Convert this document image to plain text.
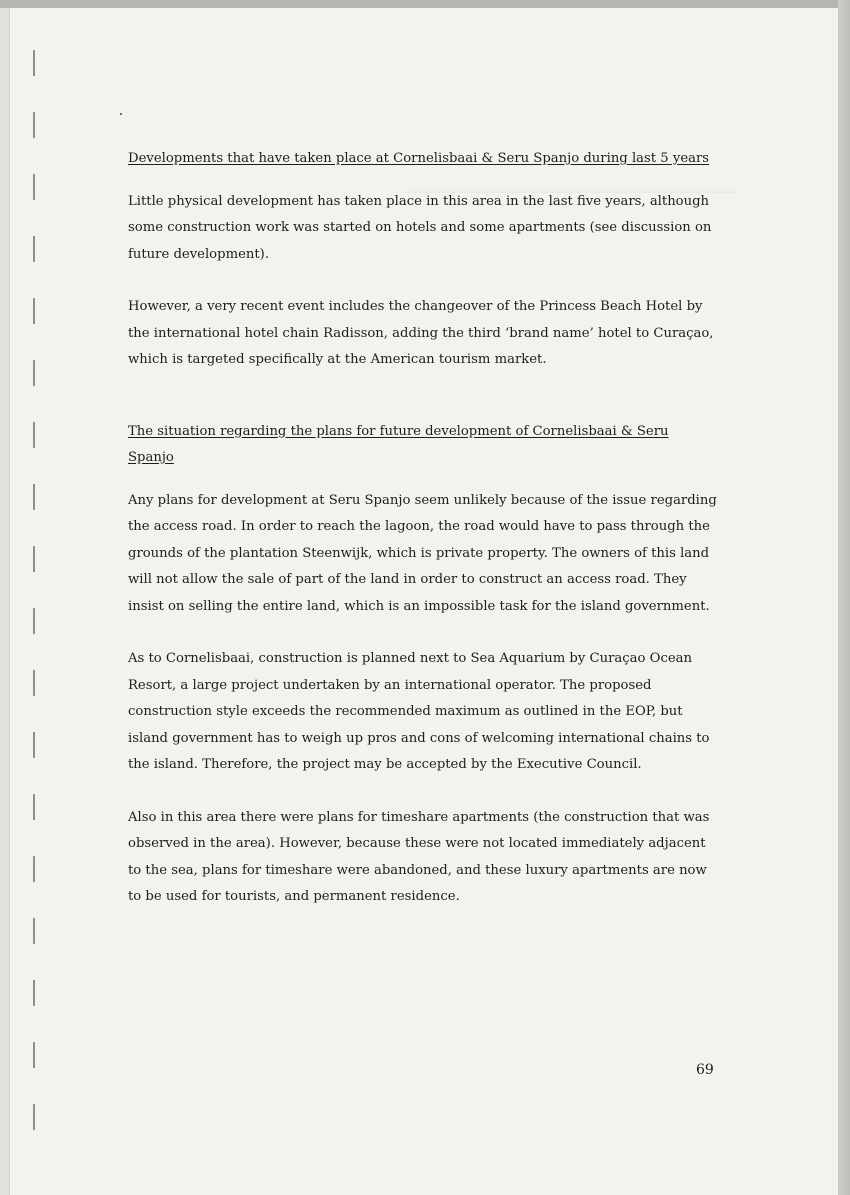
Developments that have taken place at Cornelisbaai & Seru Spanjo during last 5 years

Little physical development has taken place in this area in the last five years, although some construction work was started on hotels and some apartments (see discussion on future development).

However, a very recent event includes the changeover of the Princess Beach Hotel by the international hotel chain Radisson, adding the third ‘brand name’ hotel to Curaçao, which is targeted specifically at the American tourism market.

The situation regarding the plans for future development of Cornelisbaai & Seru Spanjo

Any plans for development at Seru Spanjo seem unlikely because of the issue regarding the access road. In order to reach the lagoon, the road would have to pass through the grounds of the plantation Steenwijk, which is private property. The owners of this land will not allow the sale of part of the land in order to construct an access road. They insist on selling the entire land, which is an impossible task for the island government.

As to Cornelisbaai, construction is planned next to Sea Aquarium by Curaçao Ocean Resort, a large project undertaken by an international operator. The proposed construction style exceeds the recommended maximum as outlined in the EOP, but island government has to weigh up pros and cons of welcoming international chains to the island. Therefore, the project may be accepted by the Executive Council.

Also in this area there were plans for timeshare apartments (the construction that was observed in the area). However, because these were not located immediately adjacent to the sea, plans for timeshare were abandoned, and these luxury apartments are now to be used for tourists, and permanent residence.

69
